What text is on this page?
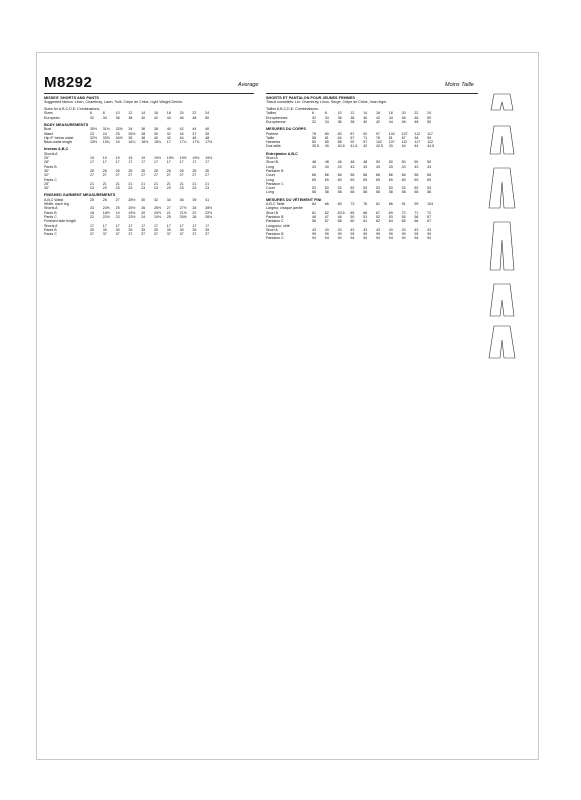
M8292	Average	Moins Taille
MISSES' SHORTS AND PANTS
Suggested fabrics: Linen, Chambray, Lawn, Twill. Crepe de Chine, Light Weight Denim.
Sizes for A,B,C,D,E: Combinations.
Sizes	6	8	10	12	14	16	18	20	22	24
European	32	34	36	38	40	42	44	46	48	50
BODY MEASUREMENTS
Bust	30½	31½	32½	34	36	38	40	42	44	46
Waist	23	24	25	26½	28	30	32	34	37	39
Hip 9" below waist	32½	33½	34½	36	38	40	42	44	46	48
Back-waist length	15½	15¾	16	16¼	16½	16¾	17	17¼	17⅜	17½
Inseam A,B,C
Shorts A
25"	19	19	19	19	19	19½	19½	19½	19½	19½
28"	17	17	17	17	17	17	17	17	17	17
Pants B
30"	26	26	26	26	26	26	26	26	26	26
32"	27	27	27	27	27	27	27	27	27	27
Pants C
28"	21	21	21	21	21	21	21	21	21	21
30"	23	23	23	23	23	23	23	23	23	23
FINISHED GARMENT MEASUREMENTS
A,B,C Waist	25	26	27	28½	30	32	34	36	39	41
Width, each leg
Shorts A	24	24½	25	25½	26	26½	27	27½	28	28½
Pants B	18	18½	19	19½	20	20½	21	21½	22	22½
Pants C	22	22½	23	23½	24	24½	25	25½	26	26½
Finished side length
Shorts A	17	17	17	17	17	17	17	17	17	17
Pants B	39	39	39	39	39	39	39	39	39	39
Pants C	37	37	37	37	37	37	37	37	37	37
SHORTS ET PANTALON POUR JEUNES FEMMES
Tissus conseillés: Lin, Chambray, Linon, Sergé, Crêpe de Chine, Jean léger.
Tailles A,B,C,D,E: Combinaisons.
Tailles	6	8	10	12	14	16	18	20	22	24
Européennes	32	34	36	38	40	42	44	46	48	50
Européenne	32	34	36	38	40	42	44	46	48	50
MESURES DU CORPS
Poitrine	78	80	83	87	92	97	102	107	112	117
Taille	58	61	64	67	71	76	81	87	94	99
Hanches	83	85	88	92	97	102	107	112	117	122
Dos taille	39.5	40	40.5	41.5	42	42.5	43	44	44	44.5
Entrejambe A,B,C
Short A
Short B	48	48	48	48	48	50	50	50	50	50
Long	43	43	43	43	43	43	43	43	43	43
Pantalon B
Court	66	66	66	66	66	66	66	66	66	66
Long	69	69	69	69	69	69	69	69	69	69
Pantalon C
Court	53	53	53	53	53	53	53	53	53	53
Long	58	58	58	58	58	58	58	58	58	58
MESURES DU VÊTEMENT FINI
A,B,C Taille	64	66	69	72	76	81	86	91	99	104
Largeur, chaque jambe
Short B	61	62	63.5	65	66	67	69	70	71	72
Pantalon B	46	47	48	50	51	52	53	55	56	57
Pantalon C	56	57	58	60	61	62	64	65	66	67
Longueur, côté
Short A	43	43	43	43	43	43	43	43	43	43
Pantalon B	99	99	99	99	99	99	99	99	99	99
Pantalon C	94	94	94	94	94	94	94	94	94	94
